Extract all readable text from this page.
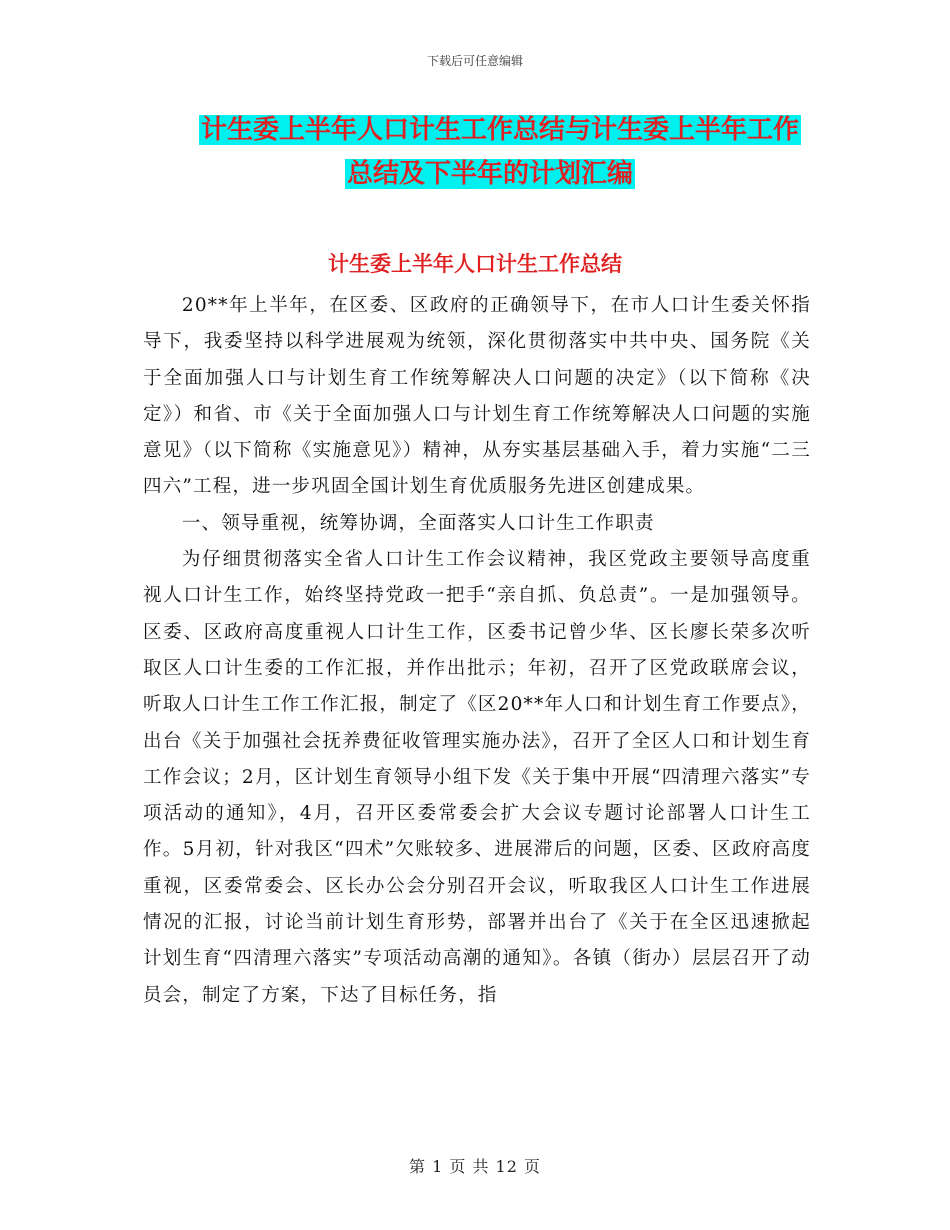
下载后可任意编辑
计生委上半年人口计生工作总结与计生委上半年工作
总结及下半年的计划汇编
计生委上半年人口计生工作总结

20**年上半年，在区委、区政府的正确领导下，在市人口计生委关怀指导下，我委坚持以科学进展观为统领，深化贯彻落实中共中央、国务院《关于全面加强人口与计划生育工作统筹解决人口问题的决定》（以下简称《决定》）和省、市《关于全面加强人口与计划生育工作统筹解决人口问题的实施意见》（以下简称《实施意见》）精神，从夯实基层基础入手，着力实施“二三四六”工程，进一步巩固全国计划生育优质服务先进区创建成果。

一、领导重视，统筹协调，全面落实人口计生工作职责

为仔细贯彻落实全省人口计生工作会议精神，我区党政主要领导高度重视人口计生工作，始终坚持党政一把手“亲自抓、负总责”。一是加强领导。区委、区政府高度重视人口计生工作，区委书记曾少华、区长廖长荣多次听取区人口计生委的工作汇报，并作出批示；年初，召开了区党政联席会议，听取人口计生工作工作汇报，制定了《区20**年人口和计划生育工作要点》，出台《关于加强社会抚养费征收管理实施办法》，召开了全区人口和计划生育工作会议；2月，区计划生育领导小组下发《关于集中开展“四清理六落实”专项活动的通知》，4月，召开区委常委会扩大会议专题讨论部署人口计生工作。5月初，针对我区“四术”欠账较多、进展滞后的问题，区委、区政府高度重视，区委常委会、区长办公会分别召开会议，听取我区人口计生工作进展情况的汇报，讨论当前计划生育形势，部署并出台了《关于在全区迅速掀起计划生育“四清理六落实”专项活动高潮的通知》。各镇（街办）层层召开了动员会，制定了方案，下达了目标任务，指

第 1 页 共 12 页
